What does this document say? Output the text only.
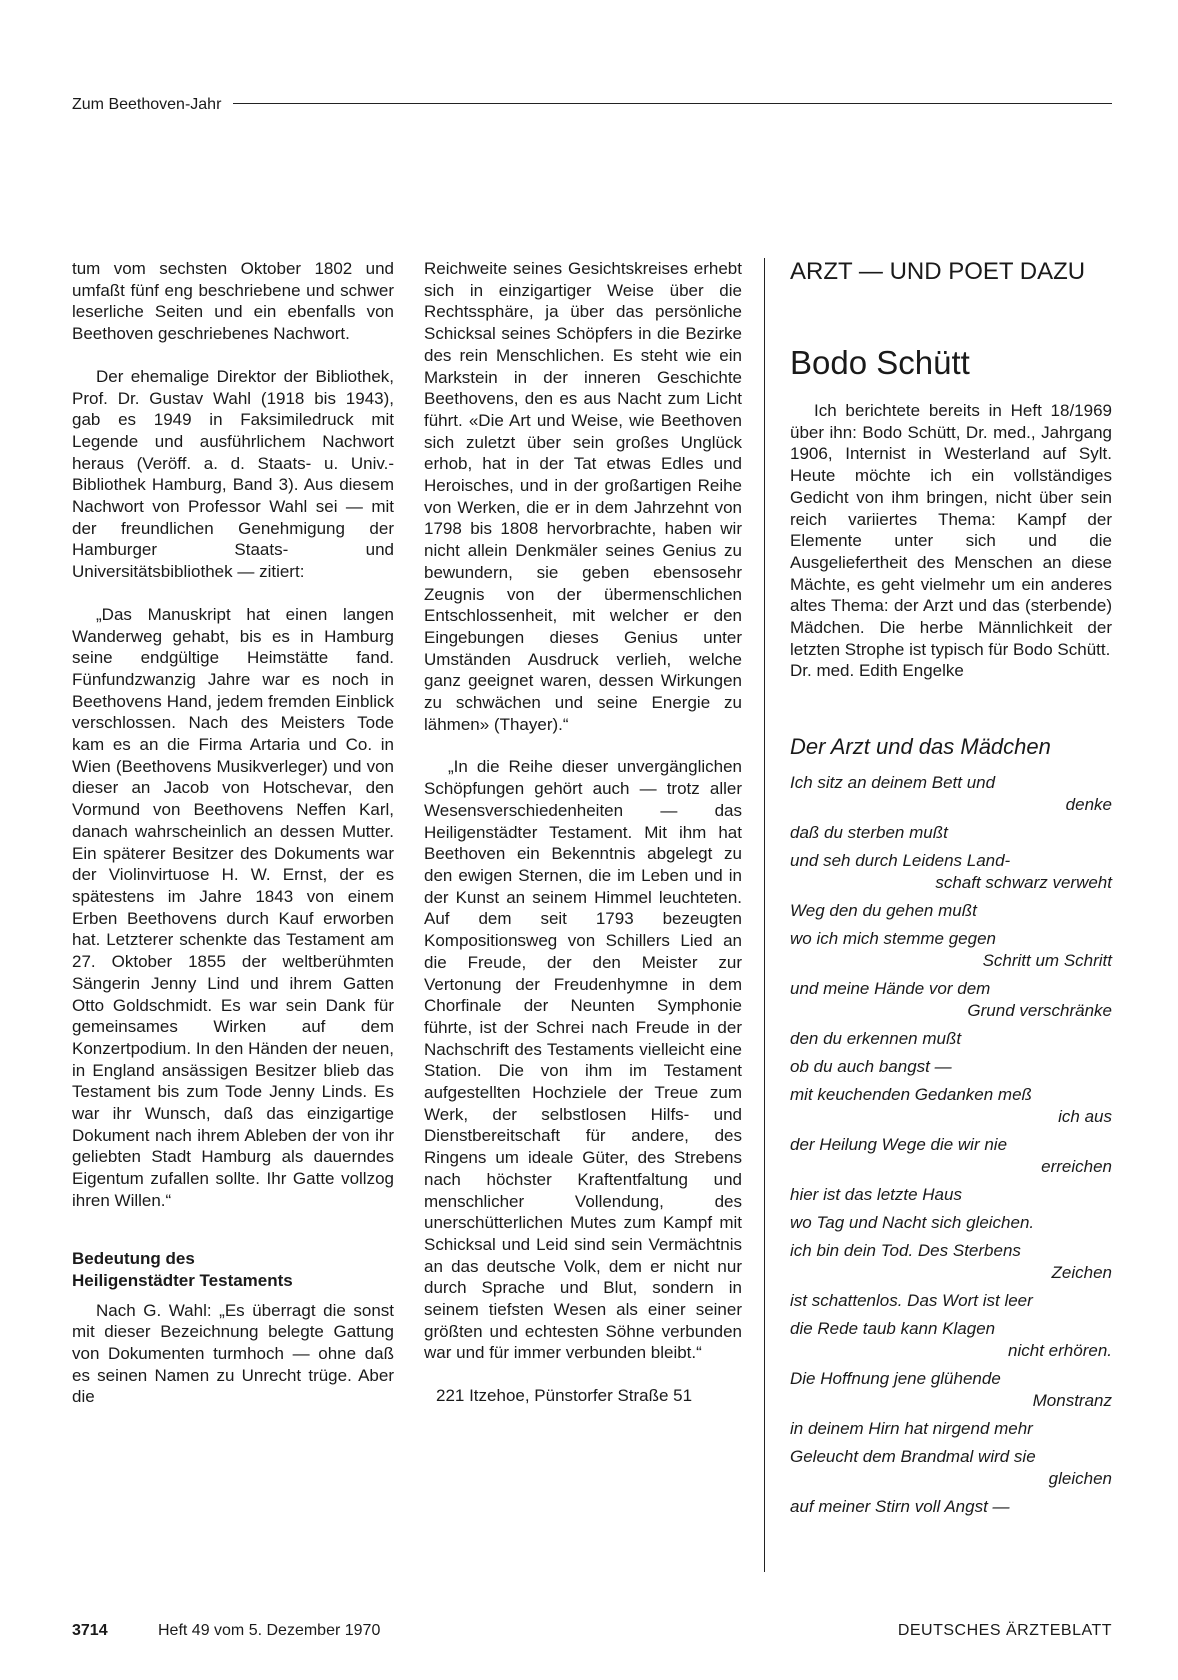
Zum Beethoven-Jahr

tum vom sechsten Oktober 1802 und umfaßt fünf eng beschriebene und schwer leserliche Seiten und ein ebenfalls von Beethoven geschriebenes Nachwort.

Der ehemalige Direktor der Bibliothek, Prof. Dr. Gustav Wahl (1918 bis 1943), gab es 1949 in Faksimiledruck mit Legende und ausführlichem Nachwort heraus (Veröff. a. d. Staats- u. Univ.-Bibliothek Hamburg, Band 3). Aus diesem Nachwort von Professor Wahl sei — mit der freundlichen Genehmigung der Hamburger Staats- und Universitätsbibliothek — zitiert:

„Das Manuskript hat einen langen Wanderweg gehabt, bis es in Hamburg seine endgültige Heimstätte fand. Fünfundzwanzig Jahre war es noch in Beethovens Hand, jedem fremden Einblick verschlossen. Nach des Meisters Tode kam es an die Firma Artaria und Co. in Wien (Beethovens Musikverleger) und von dieser an Jacob von Hotschevar, den Vormund von Beethovens Neffen Karl, danach wahrscheinlich an dessen Mutter. Ein späterer Besitzer des Dokuments war der Violinvirtuose H. W. Ernst, der es spätestens im Jahre 1843 von einem Erben Beethovens durch Kauf erworben hat. Letzterer schenkte das Testament am 27. Oktober 1855 der weltberühmten Sängerin Jenny Lind und ihrem Gatten Otto Goldschmidt. Es war sein Dank für gemeinsames Wirken auf dem Konzertpodium. In den Händen der neuen, in England ansässigen Besitzer blieb das Testament bis zum Tode Jenny Linds. Es war ihr Wunsch, daß das einzigartige Dokument nach ihrem Ableben der von ihr geliebten Stadt Hamburg als dauerndes Eigentum zufallen sollte. Ihr Gatte vollzog ihren Willen.“

Bedeutung des
Heiligenstädter Testaments

Nach G. Wahl: „Es überragt die sonst mit dieser Bezeichnung belegte Gattung von Dokumenten turmhoch — ohne daß es seinen Namen zu Unrecht trüge. Aber die

Reichweite seines Gesichtskreises erhebt sich in einzigartiger Weise über die Rechtssphäre, ja über das persönliche Schicksal seines Schöpfers in die Bezirke des rein Menschlichen. Es steht wie ein Markstein in der inneren Geschichte Beethovens, den es aus Nacht zum Licht führt. «Die Art und Weise, wie Beethoven sich zuletzt über sein großes Unglück erhob, hat in der Tat etwas Edles und Heroisches, und in der großartigen Reihe von Werken, die er in dem Jahrzehnt von 1798 bis 1808 hervorbrachte, haben wir nicht allein Denkmäler seines Genius zu bewundern, sie geben ebensosehr Zeugnis von der übermenschlichen Entschlossenheit, mit welcher er den Eingebungen dieses Genius unter Umständen Ausdruck verlieh, welche ganz geeignet waren, dessen Wirkungen zu schwächen und seine Energie zu lähmen» (Thayer).“

„In die Reihe dieser unvergänglichen Schöpfungen gehört auch — trotz aller Wesensverschiedenheiten — das Heiligenstädter Testament. Mit ihm hat Beethoven ein Bekenntnis abgelegt zu den ewigen Sternen, die im Leben und in der Kunst an seinem Himmel leuchteten. Auf dem seit 1793 bezeugten Kompositionsweg von Schillers Lied an die Freude, der den Meister zur Vertonung der Freudenhymne in dem Chorfinale der Neunten Symphonie führte, ist der Schrei nach Freude in der Nachschrift des Testaments vielleicht eine Station. Die von ihm im Testament aufgestellten Hochziele der Treue zum Werk, der selbstlosen Hilfs- und Dienstbereitschaft für andere, des Ringens um ideale Güter, des Strebens nach höchster Kraftentfaltung und menschlicher Vollendung, des unerschütterlichen Mutes zum Kampf mit Schicksal und Leid sind sein Vermächtnis an das deutsche Volk, dem er nicht nur durch Sprache und Blut, sondern in seinem tiefsten Wesen als einer seiner größten und echtesten Söhne verbunden war und für immer verbunden bleibt.“

221 Itzehoe, Pünstorfer Straße 51

ARZT — UND POET DAZU
Bodo Schütt

Ich berichtete bereits in Heft 18/1969 über ihn: Bodo Schütt, Dr. med., Jahrgang 1906, Internist in Westerland auf Sylt. Heute möchte ich ein vollständiges Gedicht von ihm bringen, nicht über sein reich variiertes Thema: Kampf der Elemente unter sich und die Ausgeliefertheit des Menschen an diese Mächte, es geht vielmehr um ein anderes altes Thema: der Arzt und das (sterbende) Mädchen. Die herbe Männlichkeit der letzten Strophe ist typisch für Bodo Schütt.

Dr. med. Edith Engelke

Der Arzt und das Mädchen
Ich sitz an deinem Bett und
denke
daß du sterben mußt
und seh durch Leidens Land-
schaft schwarz verweht
Weg den du gehen mußt
wo ich mich stemme gegen
Schritt um Schritt
und meine Hände vor dem
Grund verschränke
den du erkennen mußt
ob du auch bangst —
mit keuchenden Gedanken meß
ich aus
der Heilung Wege die wir nie
erreichen
hier ist das letzte Haus
wo Tag und Nacht sich gleichen.
ich bin dein Tod. Des Sterbens
Zeichen
ist schattenlos. Das Wort ist leer
die Rede taub kann Klagen
nicht erhören.
Die Hoffnung jene glühende
Monstranz
in deinem Hirn hat nirgend mehr
Geleucht dem Brandmal wird sie
gleichen
auf meiner Stirn voll Angst —
3714	Heft 49 vom 5. Dezember 1970	DEUTSCHES ÄRZTEBLATT
